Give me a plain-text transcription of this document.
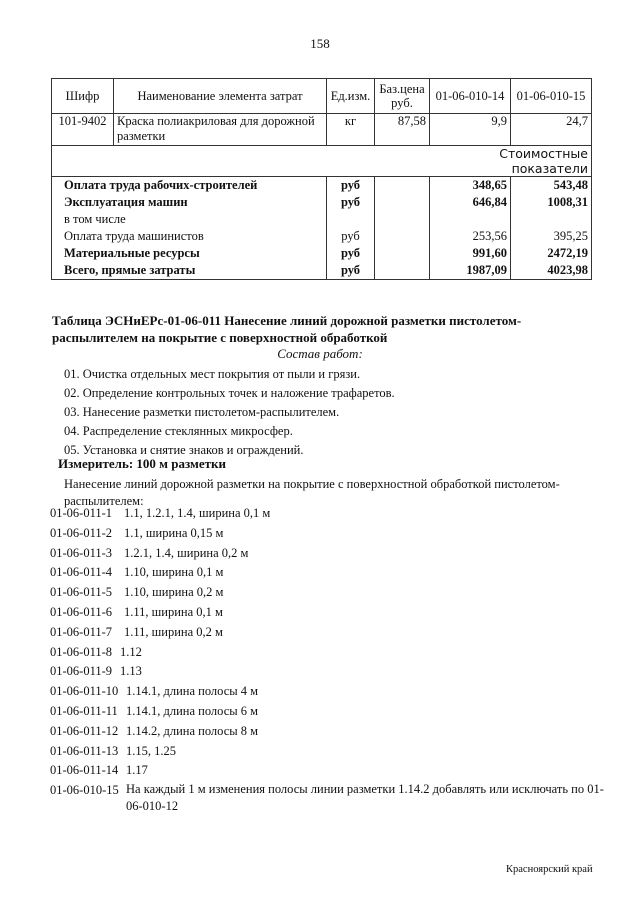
158
Шифр	Наименование элемента затрат	Ед.изм.	Баз.цена руб.	01-06-010-14	01-06-010-15
101-9402	Краска полиакриловая для дорожной разметки	кг	87,58	9,9	24,7
				Стоимостные показатели	
Оплата труда рабочих-строителей		руб		348,65	543,48
Эксплуатация машин		руб		646,84	1008,31
в том числе					
Оплата труда машинистов		руб		253,56	395,25
Материальные ресурсы		руб		991,60	2472,19
Всего, прямые затраты		руб		1987,09	4023,98
Таблица ЭСНиЕРс-01-06-011 Нанесение линий дорожной разметки пистолетом-распылителем на покрытие с поверхностной обработкой
Состав работ:
01. Очистка отдельных мест покрытия от пыли и грязи.
02. Определение контрольных точек и наложение трафаретов.
03. Нанесение разметки пистолетом-распылителем.
04. Распределение стеклянных микросфер.
05. Установка и снятие знаков и ограждений.
Измеритель: 100 м разметки
Нанесение линий дорожной разметки на покрытие с поверхностной обработкой пистолетом-распылителем:
01-06-011-1 1.1, 1.2.1, 1.4, ширина 0,1 м
01-06-011-2 1.1, ширина 0,15 м
01-06-011-3 1.2.1, 1.4, ширина 0,2 м
01-06-011-4 1.10, ширина 0,1 м
01-06-011-5 1.10, ширина 0,2 м
01-06-011-6 1.11, ширина 0,1 м
01-06-011-7 1.11, ширина 0,2 м
01-06-011-8 1.12
01-06-011-9 1.13
01-06-011-10 1.14.1, длина полосы 4 м
01-06-011-11 1.14.1, длина полосы 6 м
01-06-011-12 1.14.2, длина полосы 8 м
01-06-011-13 1.15, 1.25
01-06-011-14 1.17
01-06-010-15 На каждый 1 м изменения полосы линии разметки 1.14.2 добавлять или исключать по 01-06-010-12
Красноярский край
